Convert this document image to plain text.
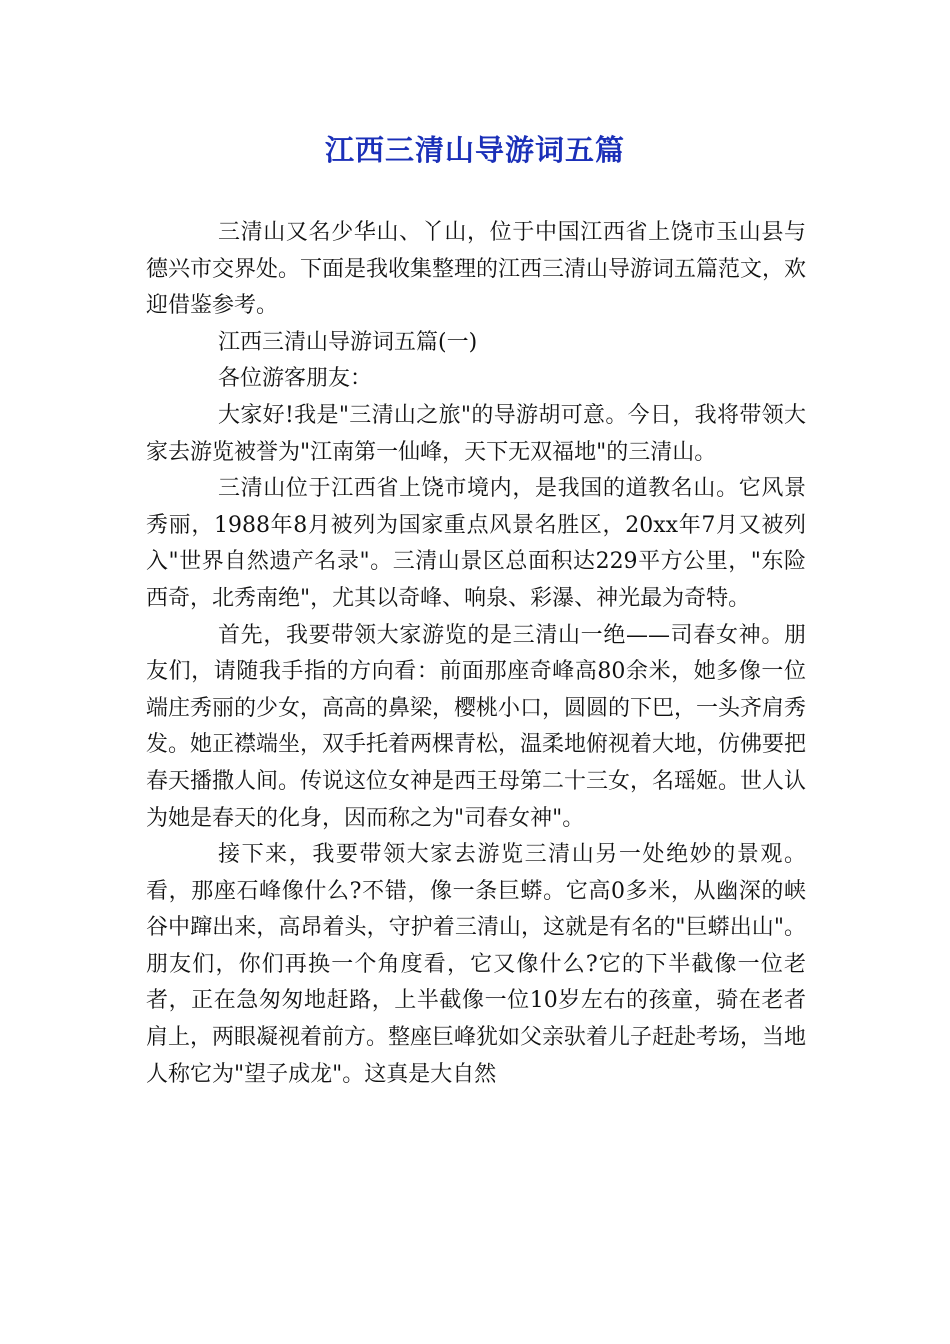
江西三清山导游词五篇

三清山又名少华山、丫山，位于中国江西省上饶市玉山县与德兴市交界处。下面是我收集整理的江西三清山导游词五篇范文，欢迎借鉴参考。

江西三清山导游词五篇(一)

各位游客朋友：

大家好!我是"三清山之旅"的导游胡可意。今日，我将带领大家去游览被誉为"江南第一仙峰，天下无双福地"的三清山。

三清山位于江西省上饶市境内，是我国的道教名山。它风景秀丽，1988年8月被列为国家重点风景名胜区，20xx年7月又被列入"世界自然遗产名录"。三清山景区总面积达229平方公里，"东险西奇，北秀南绝"，尤其以奇峰、响泉、彩瀑、神光最为奇特。

首先，我要带领大家游览的是三清山一绝——司春女神。朋友们，请随我手指的方向看：前面那座奇峰高80余米，她多像一位端庄秀丽的少女，高高的鼻梁，樱桃小口，圆圆的下巴，一头齐肩秀发。她正襟端坐，双手托着两棵青松，温柔地俯视着大地，仿佛要把春天播撒人间。传说这位女神是西王母第二十三女，名瑶姬。世人认为她是春天的化身，因而称之为"司春女神"。

接下来，我要带领大家去游览三清山另一处绝妙的景观。看，那座石峰像什么?不错，像一条巨蟒。它高0多米，从幽深的峡谷中蹿出来，高昂着头，守护着三清山，这就是有名的"巨蟒出山"。朋友们，你们再换一个角度看，它又像什么?它的下半截像一位老者，正在急匆匆地赶路，上半截像一位10岁左右的孩童，骑在老者肩上，两眼凝视着前方。整座巨峰犹如父亲驮着儿子赶赴考场，当地人称它为"望子成龙"。这真是大自然
